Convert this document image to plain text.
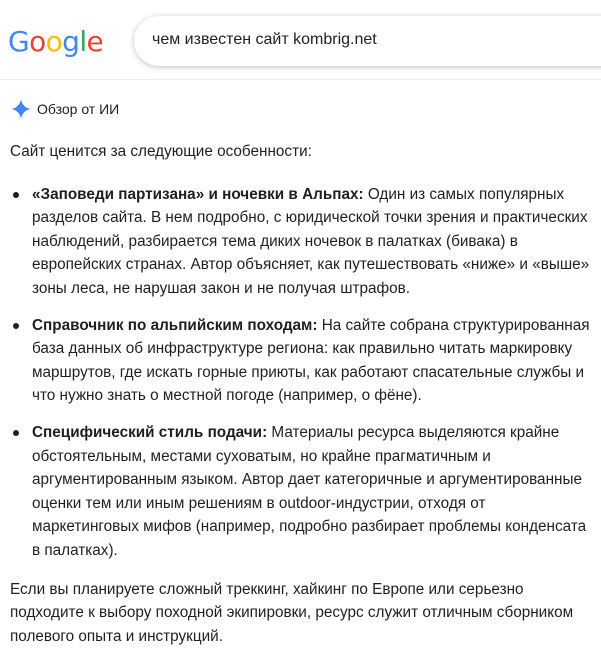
Google	чем известен сайт kombrig.net
Обзор от ИИ

Сайт ценится за следующие особенности:

«Заповеди партизана» и ночевки в Альпах: Один из самых популярных разделов сайта. В нем подробно, с юридической точки зрения и практических наблюдений, разбирается тема диких ночевок в палатках (бивака) в европейских странах. Автор объясняет, как путешествовать «ниже» и «выше» зоны леса, не нарушая закон и не получая штрафов.
Справочник по альпийским походам: На сайте собрана структурированная база данных об инфраструктуре региона: как правильно читать маркировку маршрутов, где искать горные приюты, как работают спасательные службы и что нужно знать о местной погоде (например, о фёне).
Специфический стиль подачи: Материалы ресурса выделяются крайне обстоятельным, местами суховатым, но крайне прагматичным и аргументированным языком. Автор дает категоричные и аргументированные оценки тем или иным решениям в outdoor-индустрии, отходя от маркетинговых мифов (например, подробно разбирает проблемы конденсата в палатках).

Если вы планируете сложный треккинг, хайкинг по Европе или серьезно подходите к выбору походной экипировки, ресурс служит отличным сборником полевого опыта и инструкций.
